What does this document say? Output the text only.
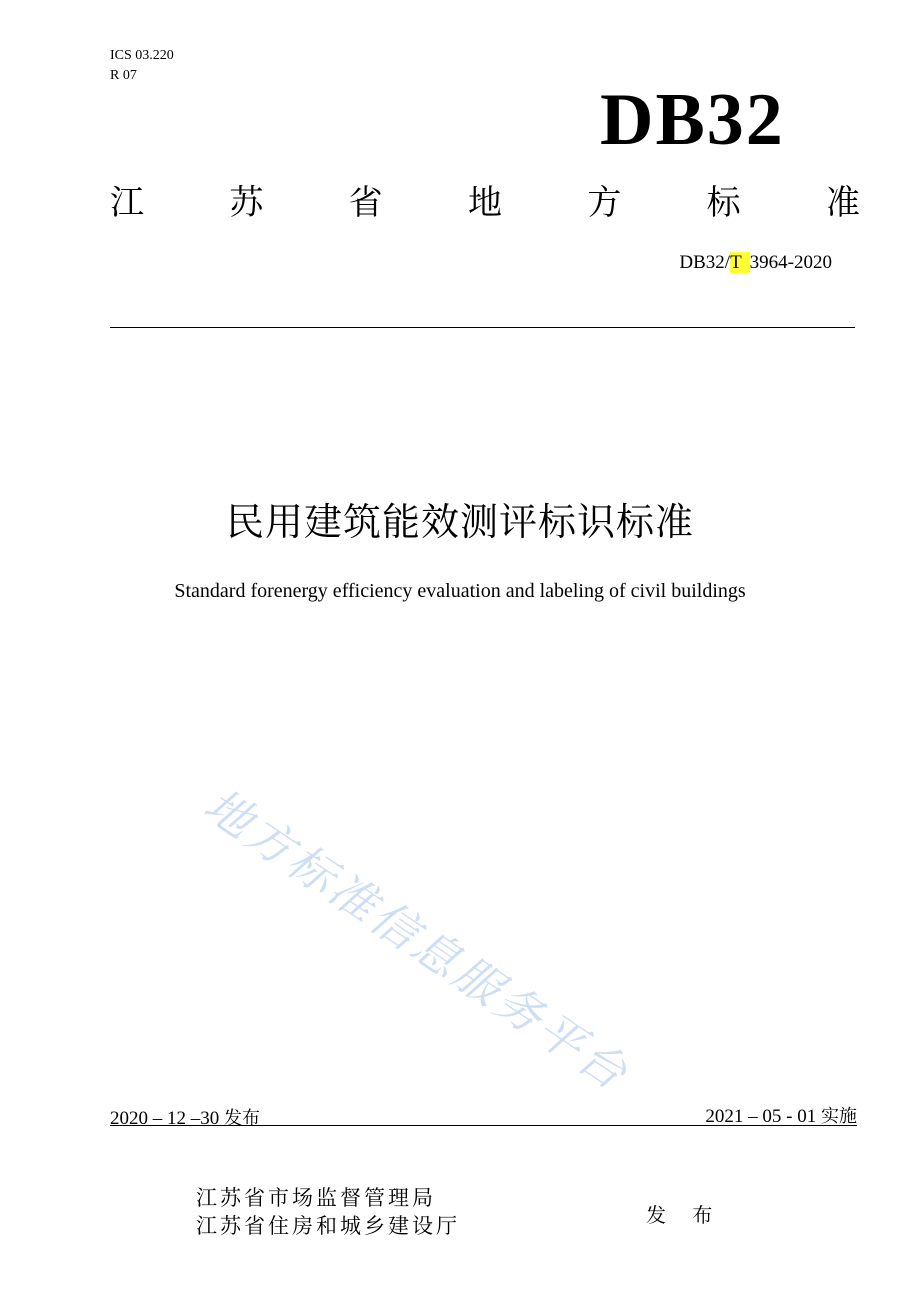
ICS 03.220
R 07
DB32
江	苏	省	地	方	标	准
DB32/T 3964-2020
民用建筑能效测评标识标准
Standard forenergy efficiency evaluation and labeling of civil buildings
地方标准信息服务平台
2020 – 12 –30 发布	2021 – 05 - 01 实施
江苏省市场监督管理局
江苏省住房和城乡建设厅	发 布
